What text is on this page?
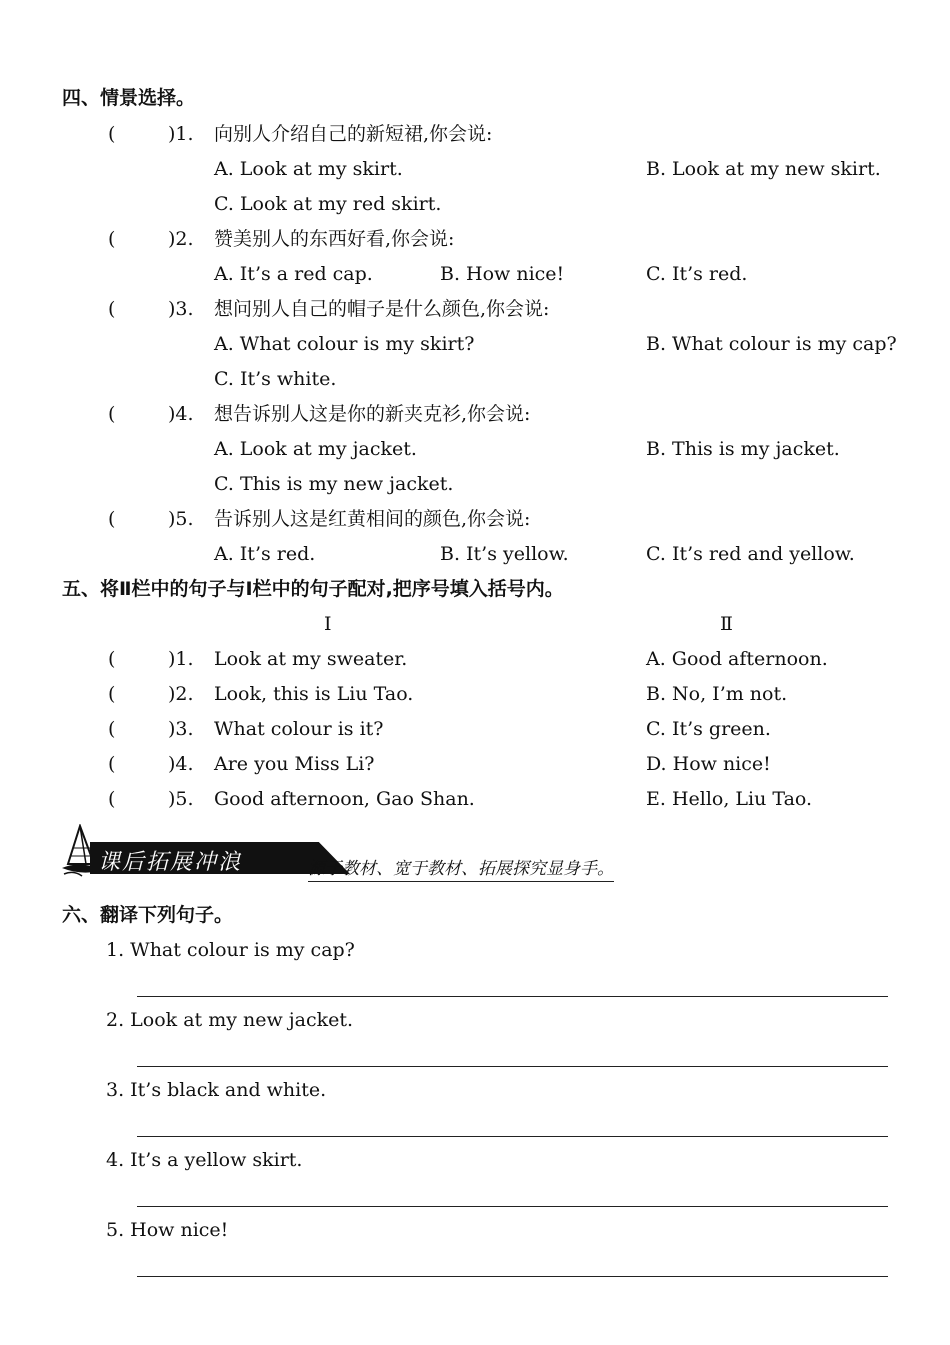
四、情景选择。
(	)1. 向别人介绍自己的新短裙,你会说:
A. Look at my skirt.	B. Look at my new skirt.
C. Look at my red skirt.
(	)2. 赞美别人的东西好看,你会说:
A. It’s a red cap.	B. How nice!	C. It’s red.
(	)3. 想问别人自己的帽子是什么颜色,你会说:
A. What colour is my skirt?	B. What colour is my cap?
C. It’s white.
(	)4. 想告诉别人这是你的新夹克衫,你会说:
A. Look at my jacket.	B. This is my jacket.
C. This is my new jacket.
(	)5. 告诉别人这是红黄相间的颜色,你会说:
A. It’s red.	B. It’s yellow.	C. It’s red and yellow.
五、将Ⅱ栏中的句子与Ⅰ栏中的句子配对,把序号填入括号内。
Ⅰ	Ⅱ
(	)1. Look at my sweater.	A. Good afternoon.
(	)2. Look, this is Liu Tao.	B. No, I’m not.
(	)3. What colour is it?	C. It’s green.
(	)4. Are you Miss Li?	D. How nice!
(	)5. Good afternoon, Gao Shan.	E. Hello, Liu Tao.
课后拓展冲浪	源于教材、宽于教材、拓展探究显身手。
六、翻译下列句子。
1. What colour is my cap?
2. Look at my new jacket.
3. It’s black and white.
4. It’s a yellow skirt.
5. How nice!
